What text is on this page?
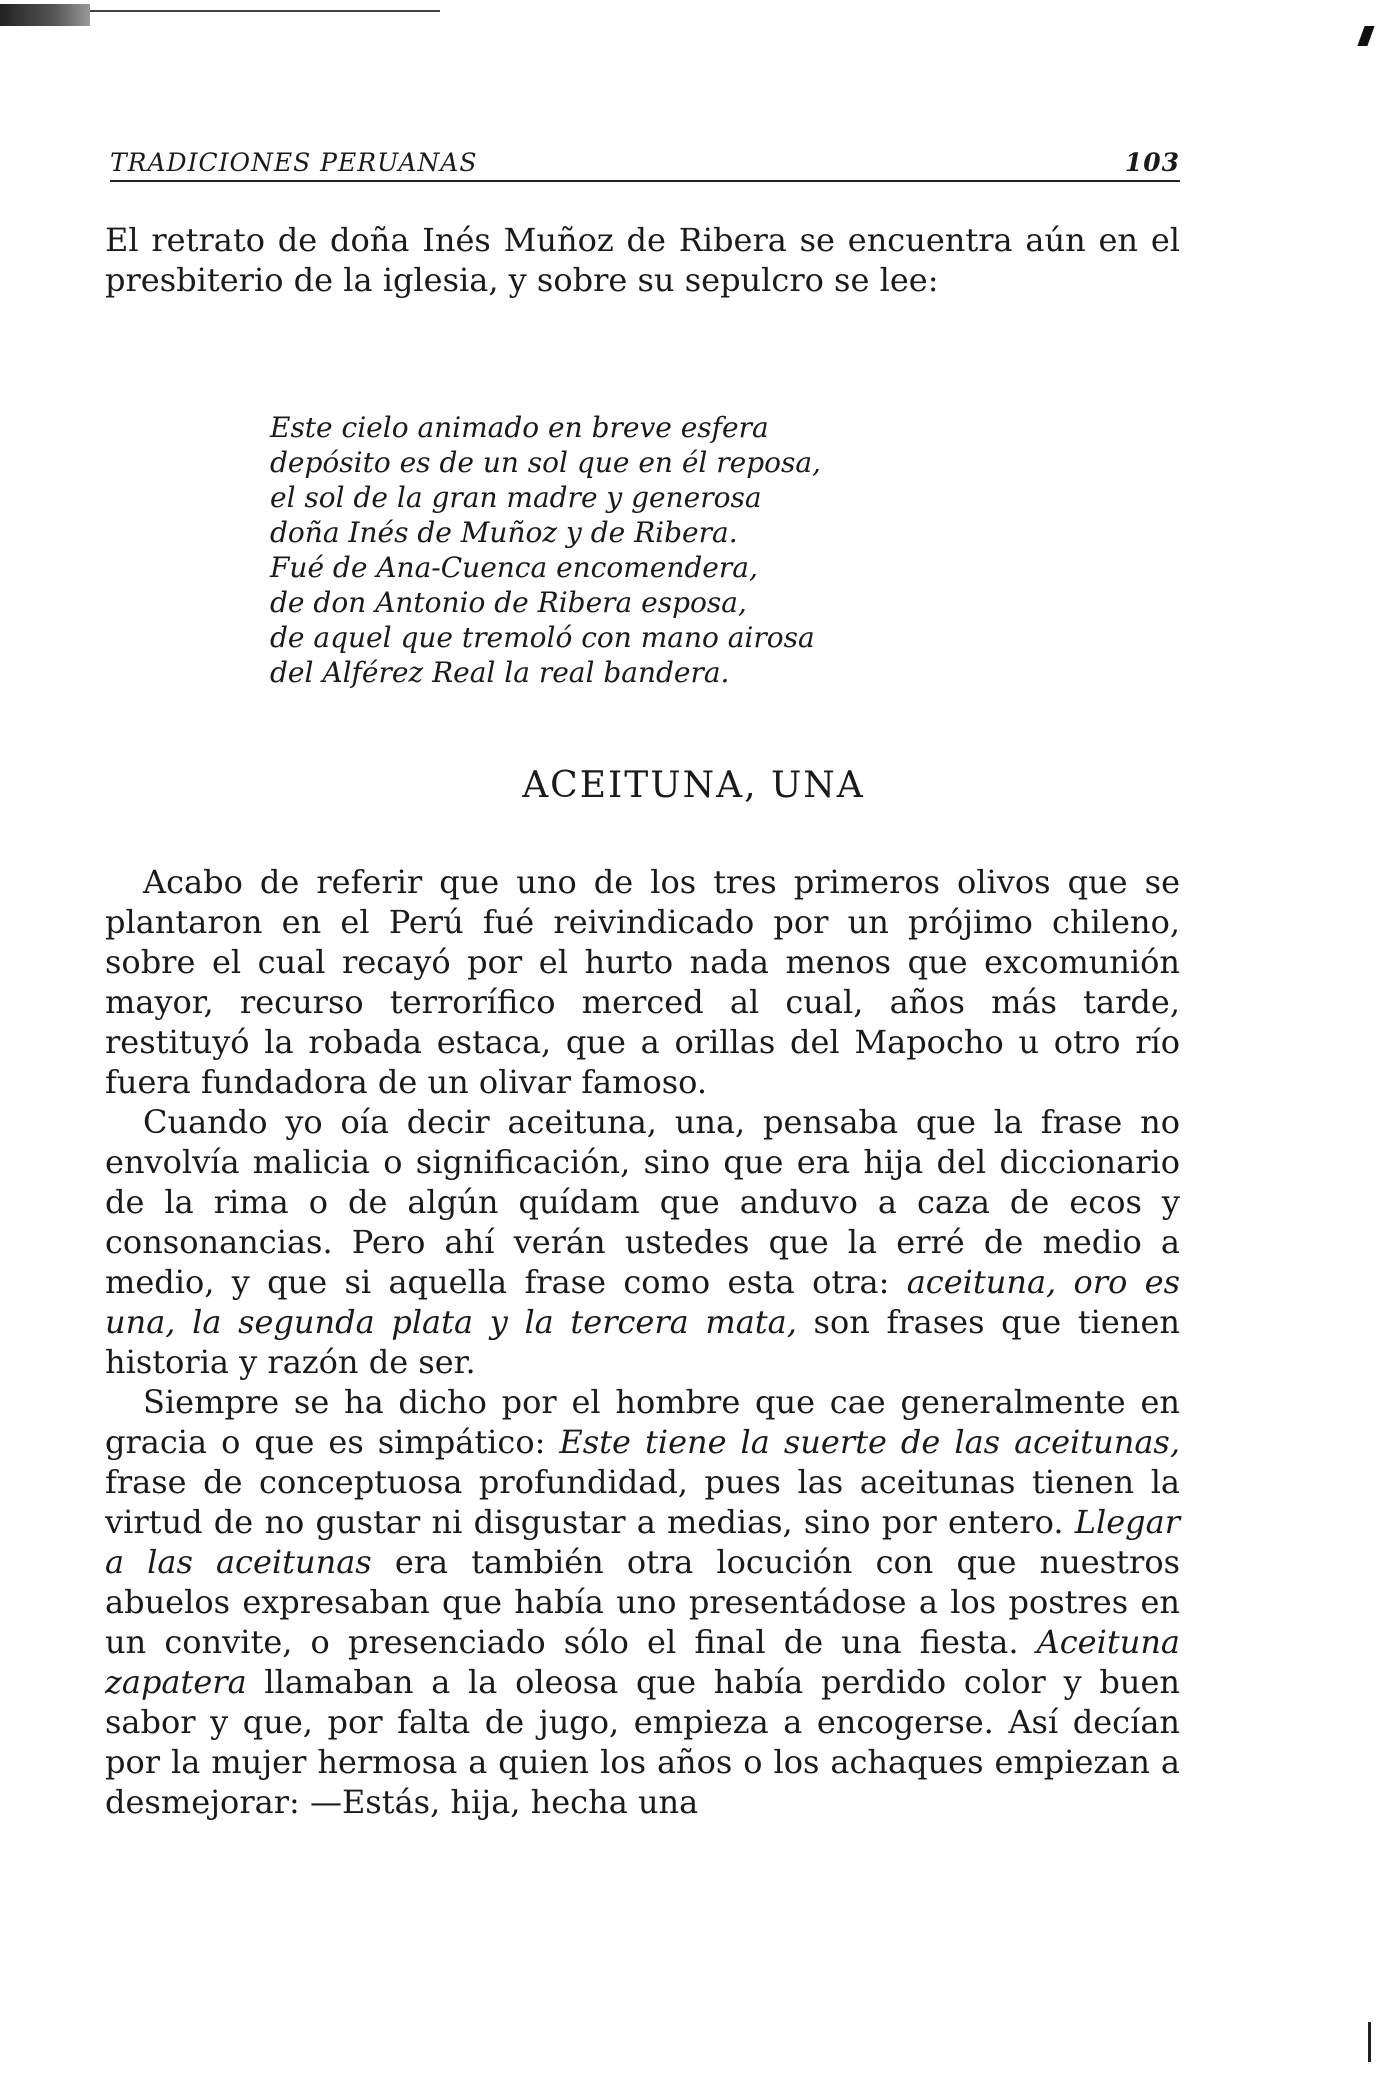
TRADICIONES PERUANAS	103
El retrato de doña Inés Muñoz de Ribera se encuentra aún en el presbiterio de la iglesia, y sobre su sepulcro se lee:
Este cielo animado en breve esfera
depósito es de un sol que en él reposa,
el sol de la gran madre y generosa
doña Inés de Muñoz y de Ribera.
Fué de Ana-Cuenca encomendera,
de don Antonio de Ribera esposa,
de aquel que tremoló con mano airosa
del Alférez Real la real bandera.
ACEITUNA, UNA

Acabo de referir que uno de los tres primeros olivos que se plantaron en el Perú fué reivindicado por un prójimo chileno, sobre el cual recayó por el hurto nada menos que excomunión mayor, recurso terrorífico merced al cual, años más tarde, restituyó la robada estaca, que a orillas del Mapocho u otro río fuera fundadora de un olivar famoso.

Cuando yo oía decir aceituna, una, pensaba que la frase no envolvía malicia o significación, sino que era hija del diccionario de la rima o de algún quídam que anduvo a caza de ecos y consonancias. Pero ahí verán ustedes que la erré de medio a medio, y que si aquella frase como esta otra: aceituna, oro es una, la segunda plata y la tercera mata, son frases que tienen historia y razón de ser.

Siempre se ha dicho por el hombre que cae generalmente en gracia o que es simpático: Este tiene la suerte de las aceitunas, frase de conceptuosa profundidad, pues las aceitunas tienen la virtud de no gustar ni disgustar a medias, sino por entero. Llegar a las aceitunas era también otra locución con que nuestros abuelos expresaban que había uno presentádose a los postres en un convite, o presenciado sólo el final de una fiesta. Aceituna zapatera llamaban a la oleosa que había perdido color y buen sabor y que, por falta de jugo, empieza a encogerse. Así decían por la mujer hermosa a quien los años o los achaques empiezan a desmejorar: —Estás, hija, hecha una
